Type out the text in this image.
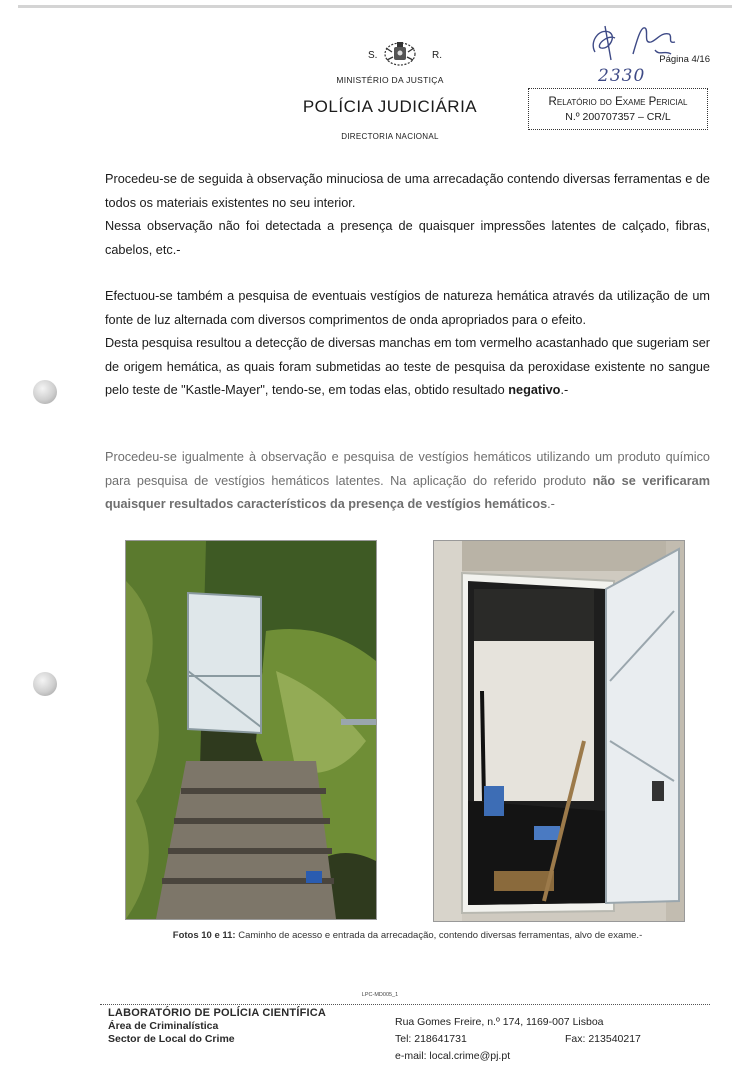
S.	R.
MINISTÉRIO DA JUSTIÇA
POLÍCIA JUDICIÁRIA
DIRECTORIA NACIONAL
Página 4/16
2330
Relatório do Exame Pericial
N.º 200707357 – CR/L

Procedeu-se de seguida à observação minuciosa de uma arrecadação contendo diversas ferramentas e de todos os materiais existentes no seu interior.

Nessa observação não foi detectada a presença de quaisquer impressões latentes de calçado, fibras, cabelos, etc.-

Efectuou-se também a pesquisa de eventuais vestígios de natureza hemática através da utilização de um fonte de luz alternada com diversos comprimentos de onda apropriados para o efeito.

Desta pesquisa resultou a detecção de diversas manchas em tom vermelho acastanhado que sugeriam ser de origem hemática, as quais foram submetidas ao teste de pesquisa da peroxidase existente no sangue pelo teste de "Kastle-Mayer", tendo-se, em todas elas, obtido resultado negativo.-

Procedeu-se igualmente à observação e pesquisa de vestígios hemáticos utilizando um produto químico para pesquisa de vestígios hemáticos latentes. Na aplicação do referido produto não se verificaram quaisquer resultados característicos da presença de vestígios hemáticos.-

Fotos 10 e 11: Caminho de acesso e entrada da arrecadação, contendo diversas ferramentas, alvo de exame.-
LPC-MD005_1
LABORATÓRIO DE POLÍCIA CIENTÍFICA
Área de Criminalística
Sector de Local do Crime
Rua Gomes Freire, n.º 174, 1169-007 Lisboa
Tel: 218641731	Fax: 213540217
e-mail: local.crime@pj.pt
